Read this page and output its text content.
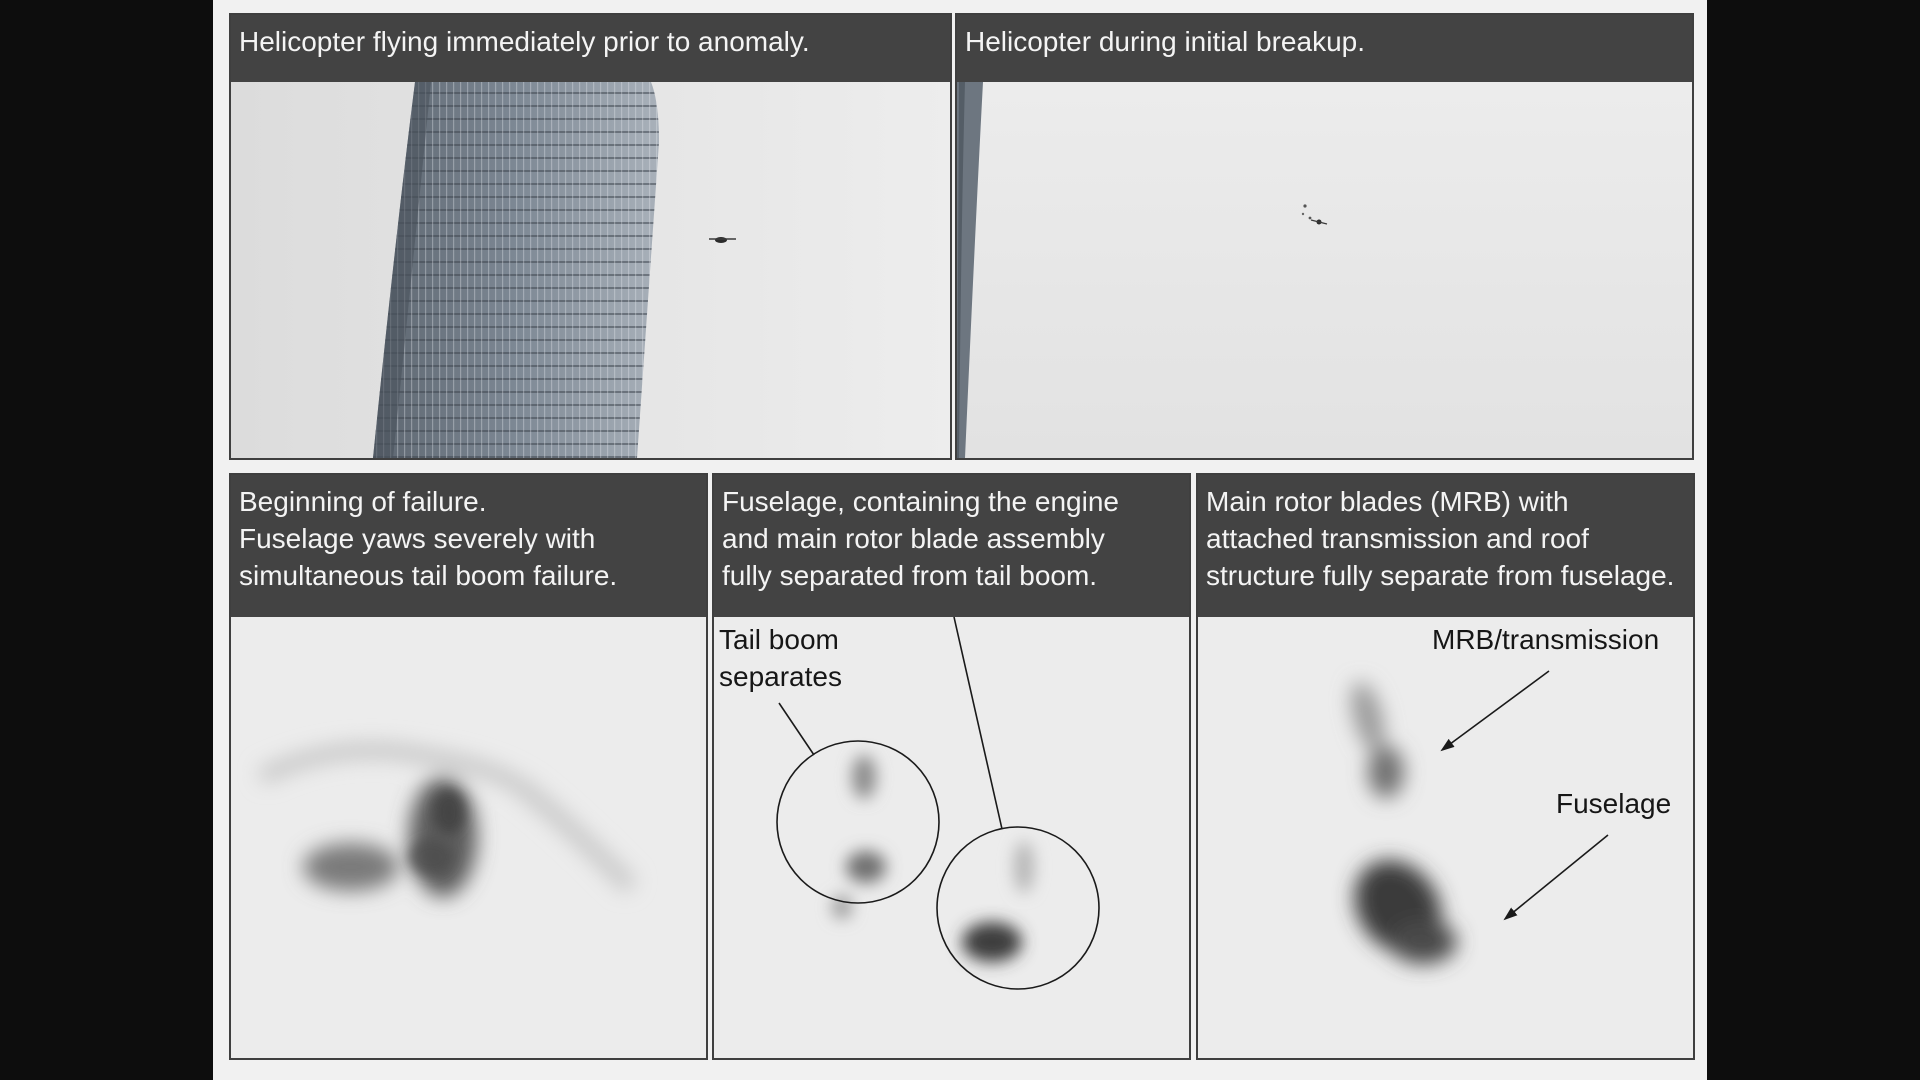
Helicopter flying immediately prior to anomaly.	Helicopter during initial breakup.
Beginning of failure.
Fuselage yaws severely with
simultaneous tail boom failure.
Fuselage, containing the engine
and main rotor blade assembly
fully separated from tail boom.
Tail boom
separates
Main rotor blades (MRB) with
attached transmission and roof
structure fully separate from fuselage.
MRB/transmission
Fuselage
